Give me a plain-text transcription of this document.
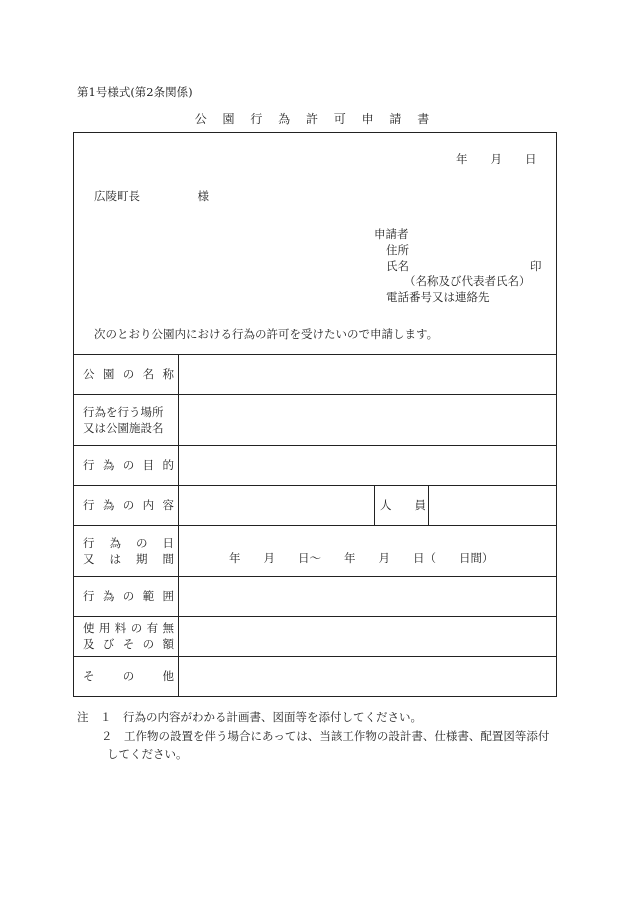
第1号様式(第2条関係)
公 園 行 為 許 可 申 請 書
年　　月　　日
広陵町長　　　　　様
申請者
住所
氏名	印
（名称及び代表者氏名）
電話番号又は連絡先
次のとおり公園内における行為の許可を受けたいので申請します。
公 園 の 名 称
行為を行う場所
又は公園施設名
行 為 の 目 的
行 為 の 内 容	人　　員
行　為　の　日
又　は　期　間	年　　月　　日～　　年　　月　　日（　　日間）
行 為 の 範 囲
使 用 料 の 有 無
及 び そ の 額
そ　　の　　他
注　１　行為の内容がわかる計画書、図面等を添付してください。
２　工作物の設置を伴う場合にあっては、当該工作物の設計書、仕様書、配置図等添付
してください。
